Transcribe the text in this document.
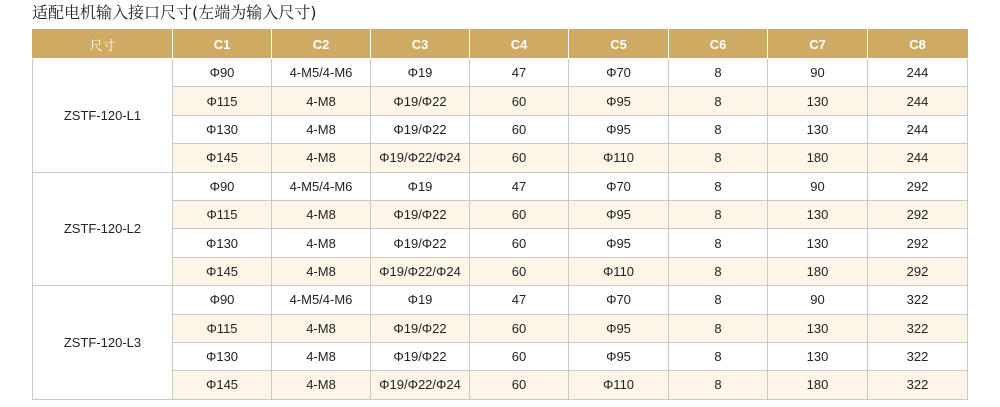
适配电机输入接口尺寸(左端为输入尺寸)
尺寸	C1	C2	C3	C4	C5	C6	C7	C8
ZSTF-120-L1	Φ90	4-M5/4-M6	Φ19	47	Φ70	8	90	244
	Φ115	4-M8	Φ19/Φ22	60	Φ95	8	130	244
	Φ130	4-M8	Φ19/Φ22	60	Φ95	8	130	244
	Φ145	4-M8	Φ19/Φ22/Φ24	60	Φ110	8	180	244
ZSTF-120-L2	Φ90	4-M5/4-M6	Φ19	47	Φ70	8	90	292
	Φ115	4-M8	Φ19/Φ22	60	Φ95	8	130	292
	Φ130	4-M8	Φ19/Φ22	60	Φ95	8	130	292
	Φ145	4-M8	Φ19/Φ22/Φ24	60	Φ110	8	180	292
ZSTF-120-L3	Φ90	4-M5/4-M6	Φ19	47	Φ70	8	90	322
	Φ115	4-M8	Φ19/Φ22	60	Φ95	8	130	322
	Φ130	4-M8	Φ19/Φ22	60	Φ95	8	130	322
	Φ145	4-M8	Φ19/Φ22/Φ24	60	Φ110	8	180	322
